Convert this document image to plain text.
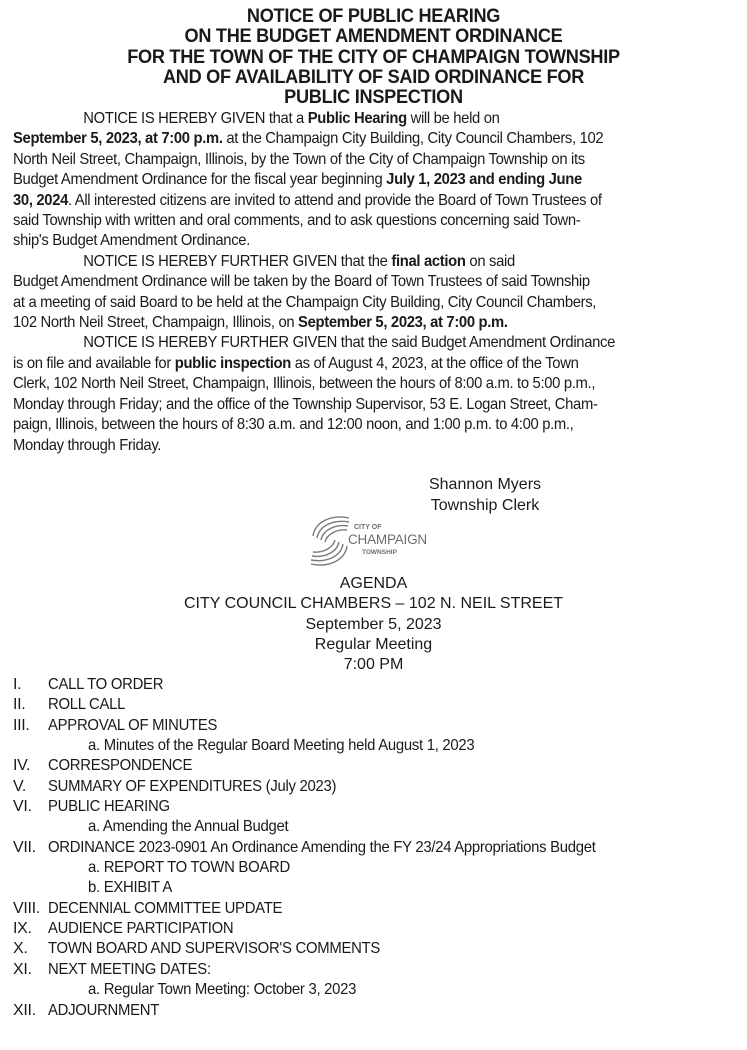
NOTICE OF PUBLIC HEARING
ON THE BUDGET AMENDMENT ORDINANCE
FOR THE TOWN OF THE CITY OF CHAMPAIGN TOWNSHIP
AND OF AVAILABILITY OF SAID ORDINANCE FOR
PUBLIC INSPECTION
NOTICE IS HEREBY GIVEN that a Public Hearing will be held on
September 5, 2023, at 7:00 p.m. at the Champaign City Building, City Council Chambers, 102
North Neil Street, Champaign, Illinois, by the Town of the City of Champaign Township on its
Budget Amendment Ordinance for the fiscal year beginning July 1, 2023 and ending June
30, 2024. All interested citizens are invited to attend and provide the Board of Town Trustees of
said Township with written and oral comments, and to ask questions concerning said Town-
ship's Budget Amendment Ordinance.
NOTICE IS HEREBY FURTHER GIVEN that the final action on said
Budget Amendment Ordinance will be taken by the Board of Town Trustees of said Township
at a meeting of said Board to be held at the Champaign City Building, City Council Chambers,
102 North Neil Street, Champaign, Illinois, on September 5, 2023, at 7:00 p.m.
NOTICE IS HEREBY FURTHER GIVEN that the said Budget Amendment Ordinance
is on file and available for public inspection as of August 4, 2023, at the office of the Town
Clerk, 102 North Neil Street, Champaign, Illinois, between the hours of 8:00 a.m. to 5:00 p.m.,
Monday through Friday; and the office of the Township Supervisor, 53 E. Logan Street, Cham-
paign, Illinois, between the hours of 8:30 a.m. and 12:00 noon, and 1:00 p.m. to 4:00 p.m.,
Monday through Friday.
Shannon Myers
Township Clerk
CITY OF
CHAMPAIGN
TOWNSHIP
AGENDA
CITY COUNCIL CHAMBERS – 102 N. NEIL STREET
September 5, 2023
Regular Meeting
7:00 PM
I.	CALL TO ORDER
II.	ROLL CALL
III.	APPROVAL OF MINUTES
a. Minutes of the Regular Board Meeting held August 1, 2023
IV.	CORRESPONDENCE
V.	SUMMARY OF EXPENDITURES (July 2023)
VI.	PUBLIC HEARING
a. Amending the Annual Budget
VII. ORDINANCE 2023-0901 An Ordinance Amending the FY 23/24 Appropriations Budget
a. REPORT TO TOWN BOARD
b. EXHIBIT A
VIII. DECENNIAL COMMITTEE UPDATE
IX.	AUDIENCE PARTICIPATION
X.	TOWN BOARD AND SUPERVISOR'S COMMENTS
XI.	NEXT MEETING DATES:
a. Regular Town Meeting: October 3, 2023
XII. ADJOURNMENT
